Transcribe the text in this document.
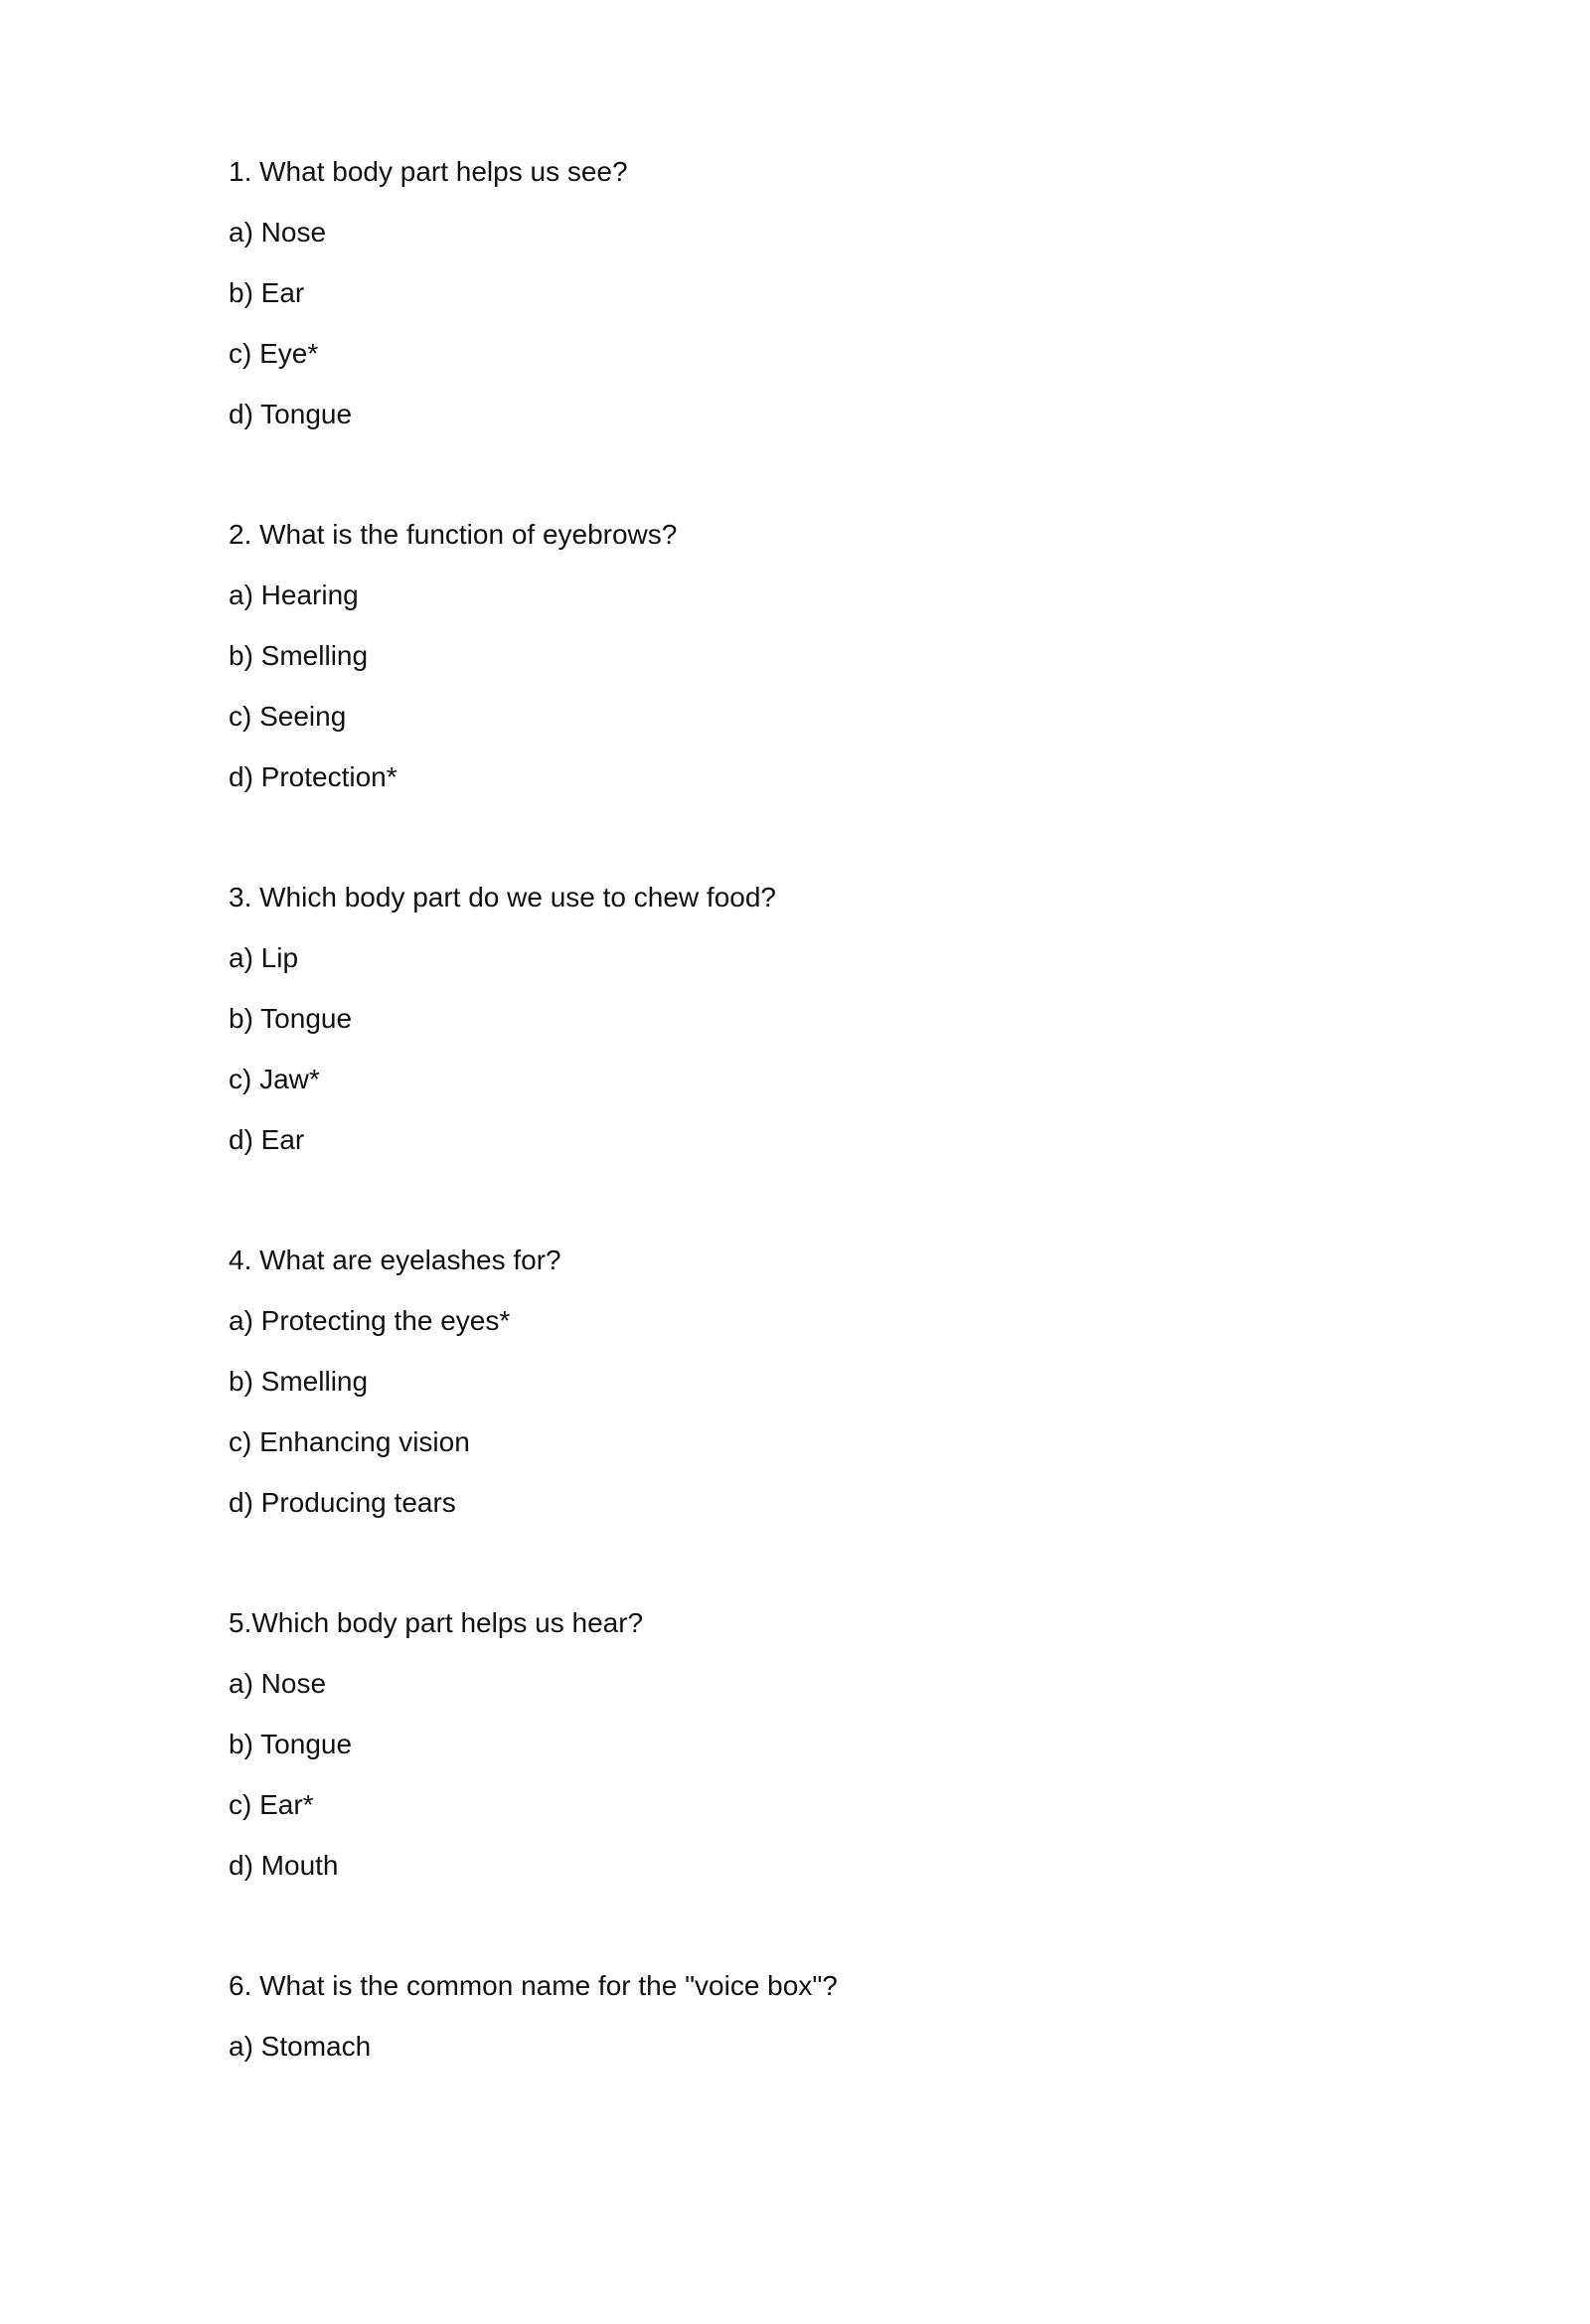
1. What body part helps us see?
a) Nose
b) Ear
c) Eye*
d) Tongue
2. What is the function of eyebrows?
a) Hearing
b) Smelling
c) Seeing
d) Protection*
3. Which body part do we use to chew food?
a) Lip
b) Tongue
c) Jaw*
d) Ear
4. What are eyelashes for?
a) Protecting the eyes*
b) Smelling
c) Enhancing vision
d) Producing tears
5.Which body part helps us hear?
a) Nose
b) Tongue
c) Ear*
d) Mouth
6. What is the common name for the "voice box"?
a) Stomach
